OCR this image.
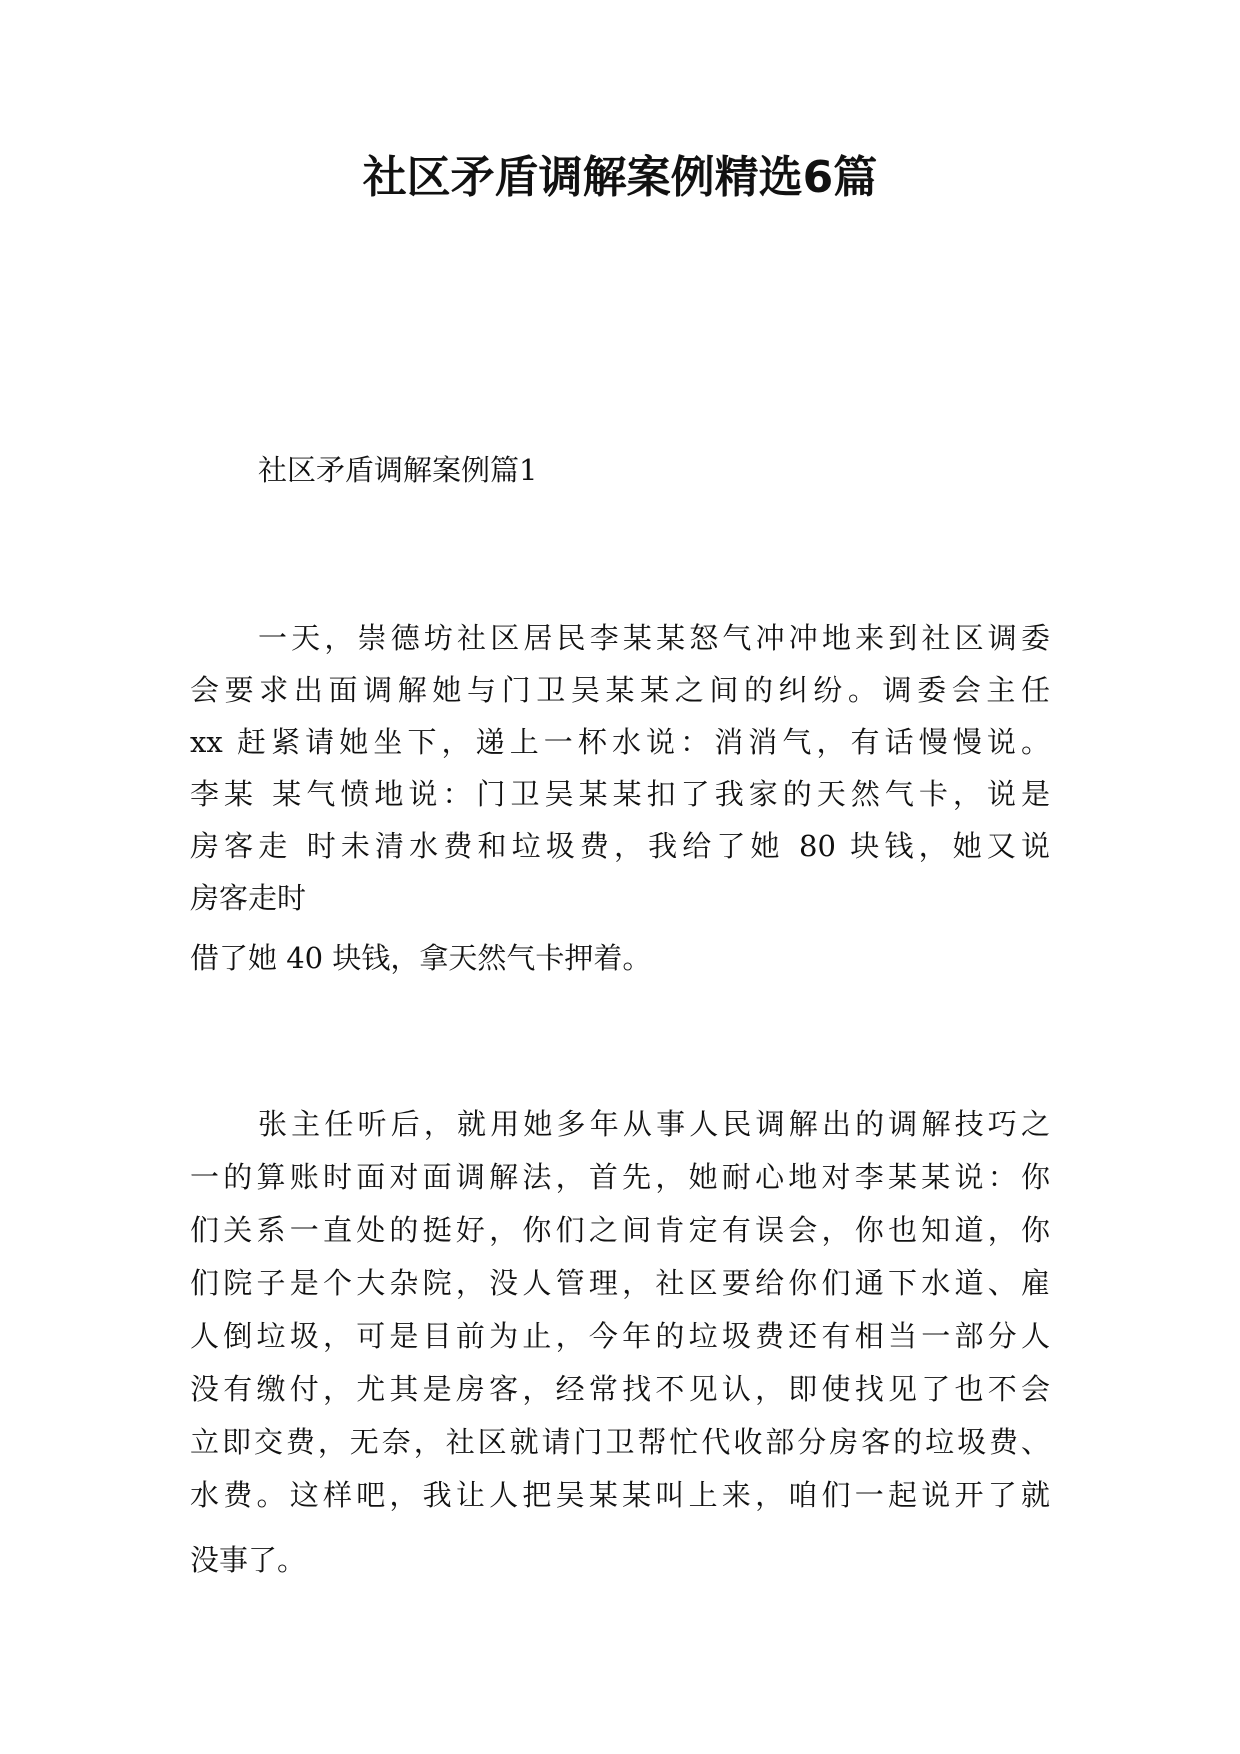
社区矛盾调解案例精选6篇

社区矛盾调解案例篇1

一天，崇德坊社区居民李某某怒气冲冲地来到社区调委

会要求出面调解她与门卫吴某某之间的纠纷。调委会主任

xx 赶紧请她坐下，递上一杯水说：消消气，有话慢慢说。

李某 某气愤地说：门卫吴某某扣了我家的天然气卡，说是

房客走 时未清水费和垃圾费，我给了她 80 块钱，她又说

房客走时

借了她 40 块钱，拿天然气卡押着。

张主任听后，就用她多年从事人民调解出的调解技巧之

一的算账时面对面调解法，首先，她耐心地对李某某说：你

们关系一直处的挺好，你们之间肯定有误会，你也知道，你

们院子是个大杂院，没人管理，社区要给你们通下水道、雇

人倒垃圾，可是目前为止，今年的垃圾费还有相当一部分人

没有缴付，尤其是房客，经常找不见认，即使找见了也不会

立即交费，无奈，社区就请门卫帮忙代收部分房客的垃圾费、

水费。这样吧，我让人把吴某某叫上来，咱们一起说开了就

没事了。
